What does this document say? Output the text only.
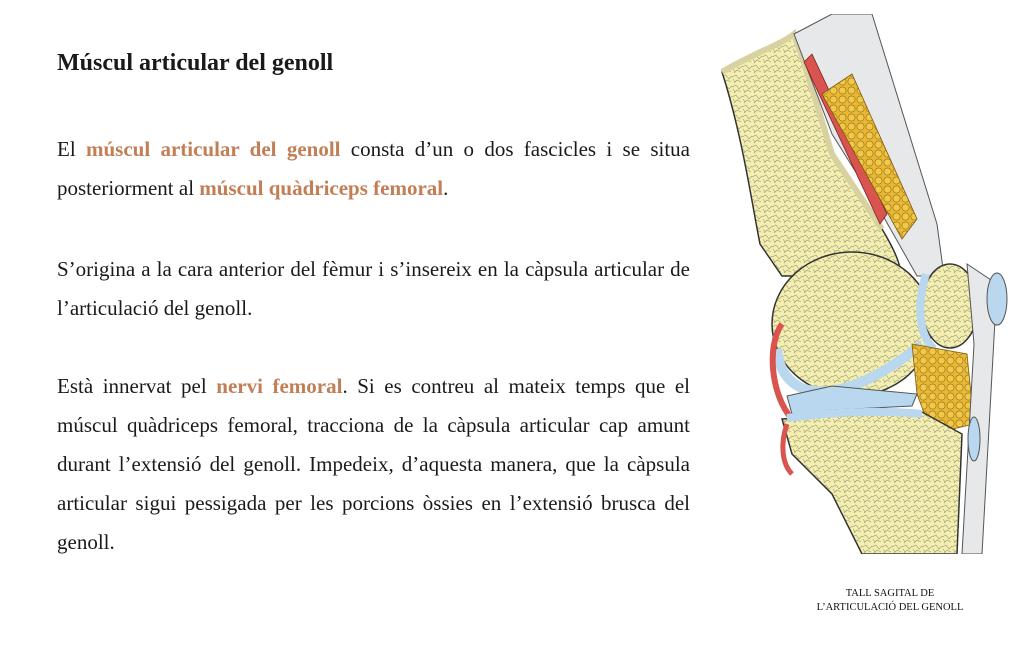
Múscul articular del genoll

El múscul articular del genoll consta d’un o dos fascicles i se situa posteriorment al múscul quàdriceps femoral.

S’origina a la cara anterior del fèmur i s’insereix en la càpsula articular de l’articulació del genoll.

Està innervat pel nervi femoral. Si es contreu al mateix temps que el múscul quàdriceps femoral, tracciona de la càpsula articular cap amunt durant l’extensió del genoll. Impedeix, d’aquesta manera, que la càpsula articular sigui pessigada per les porcions òssies en l’extensió brusca del genoll.

TALL SAGITAL DE
L’ARTICULACIÓ DEL GENOLL
